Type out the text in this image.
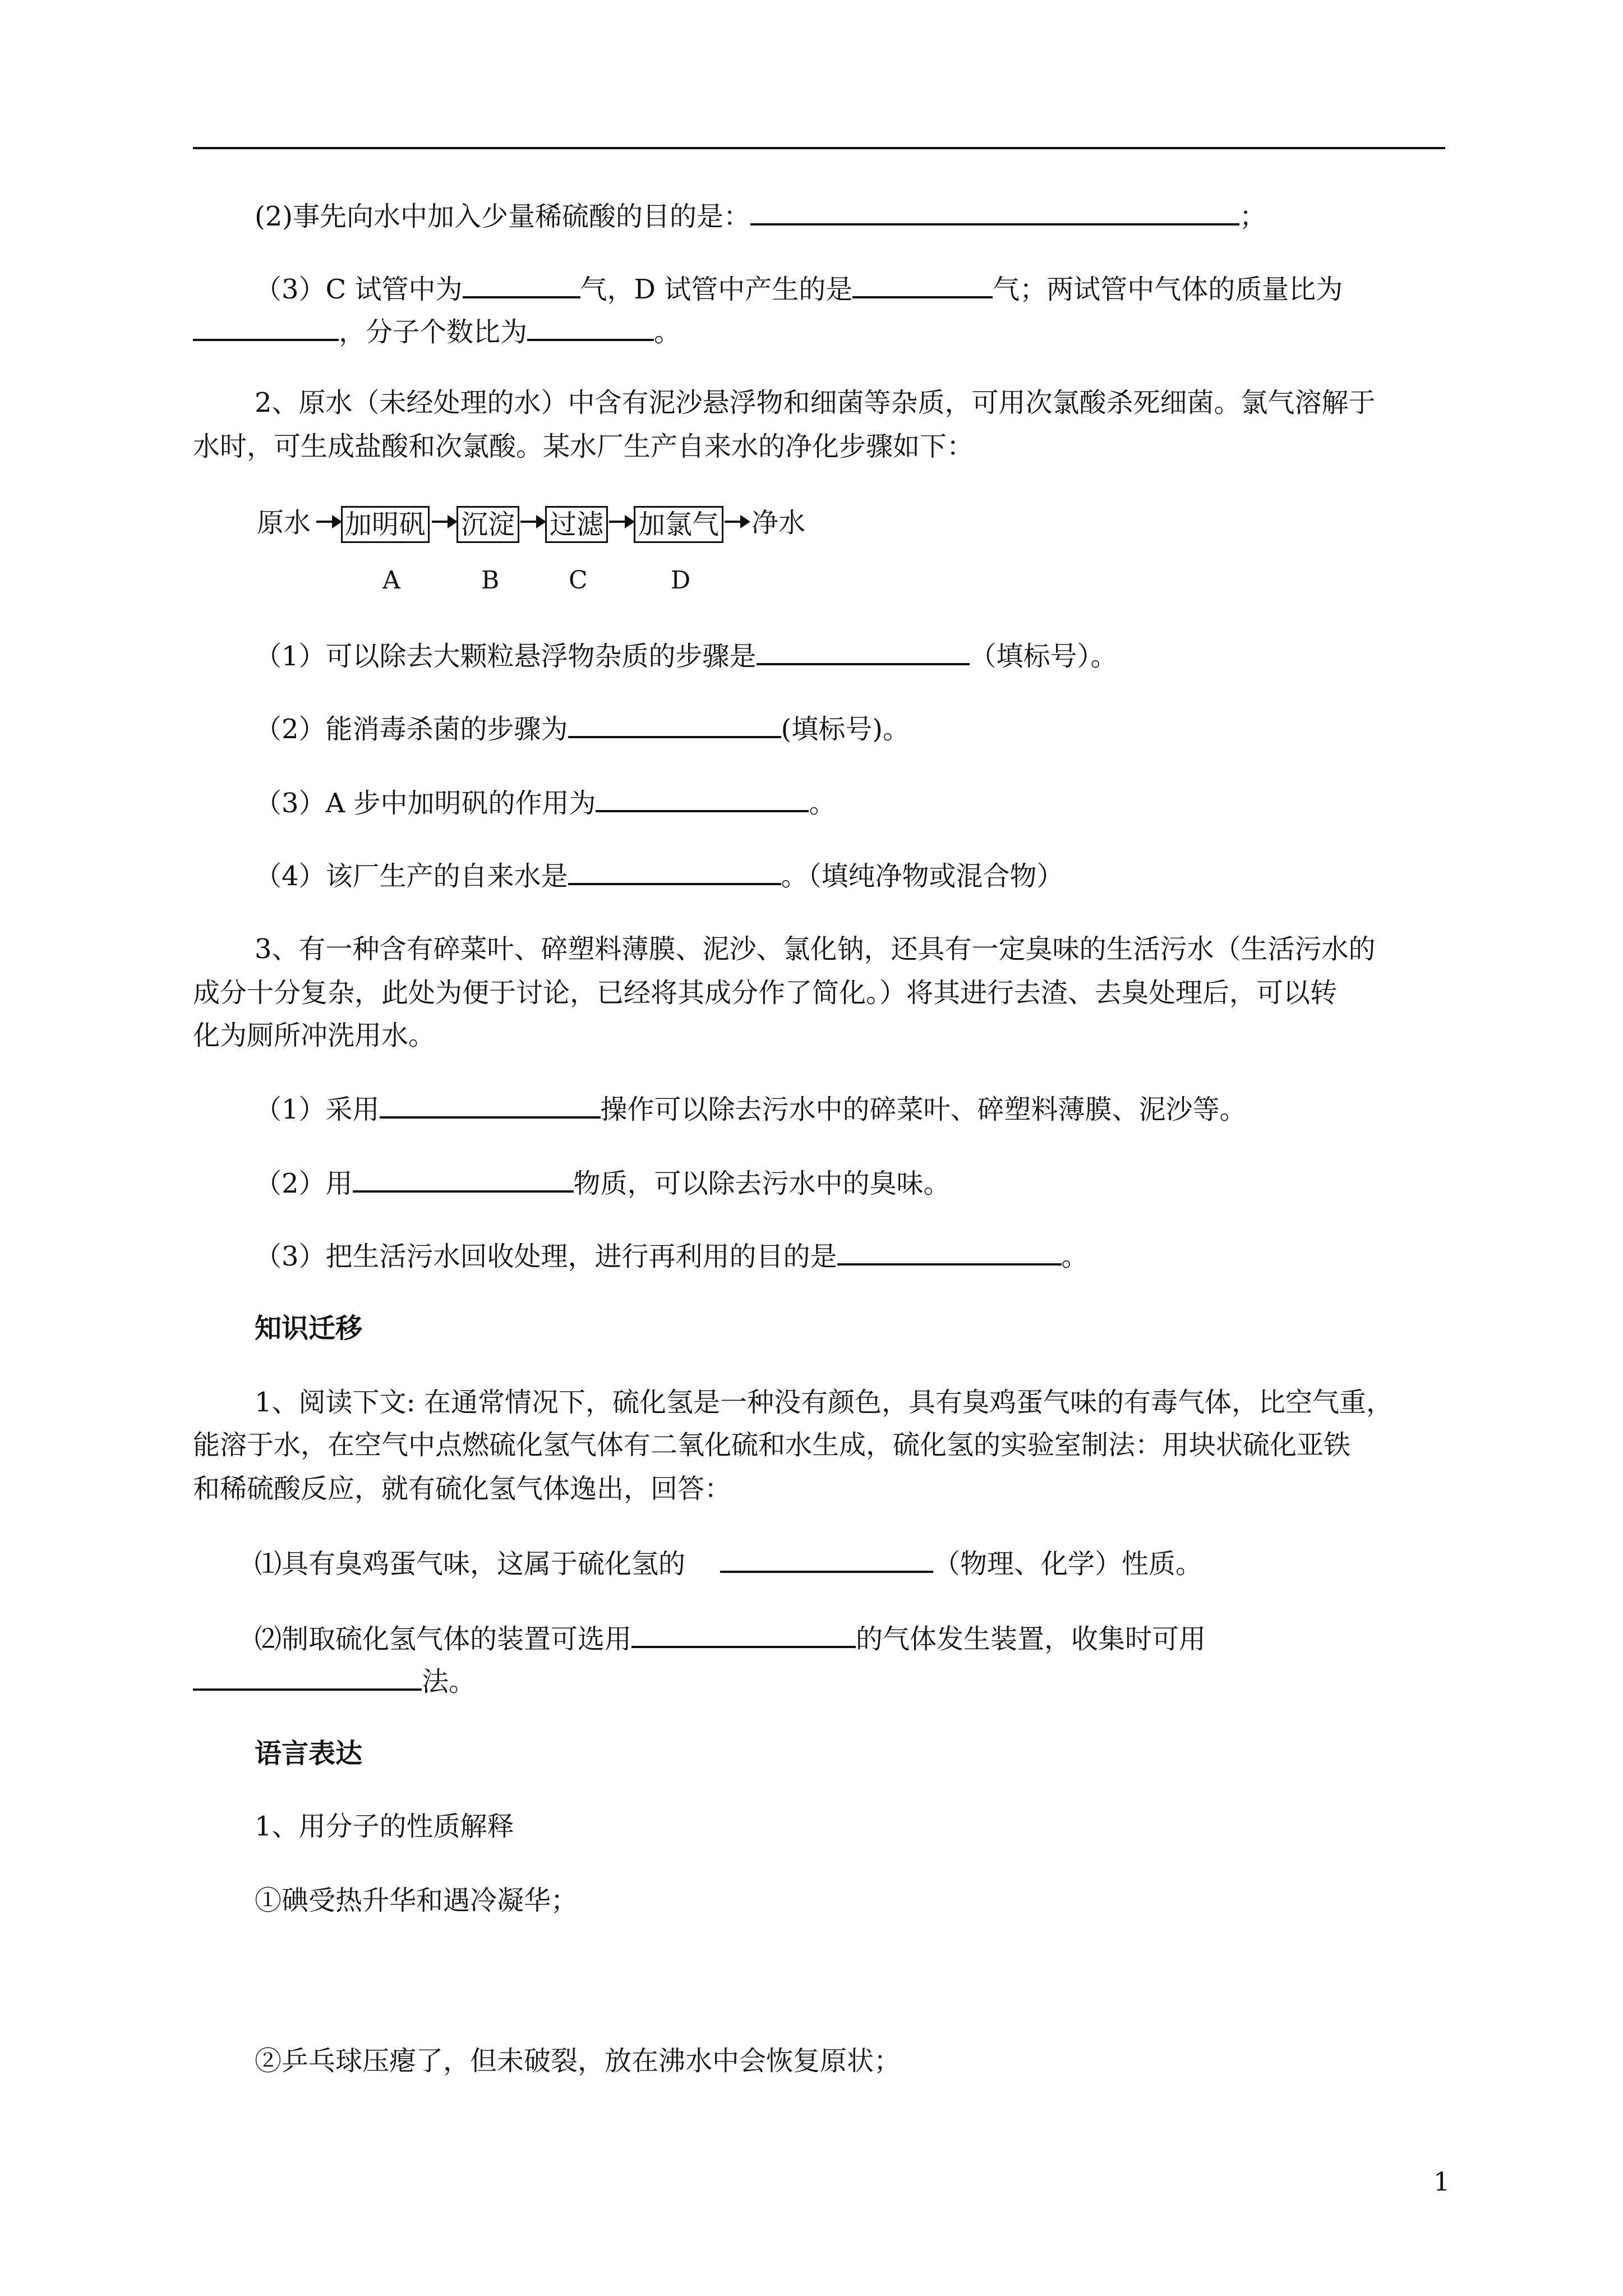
(2)事先向水中加入少量稀硫酸的目的是：	；
（3）C 试管中为	气，D 试管中产生的是	气；两试管中气体的质量比为
，分子个数比为	。
2、原水（未经处理的水）中含有泥沙悬浮物和细菌等杂质，可用次氯酸杀死细菌。氯气溶解于
水时，可生成盐酸和次氯酸。某水厂生产自来水的净化步骤如下：
原水 加明矾 沉淀 过滤 加氯气 净水
A	B	C	D
（1）可以除去大颗粒悬浮物杂质的步骤是	（填标号）。
（2）能消毒杀菌的步骤为	(填标号)。
（3）A 步中加明矾的作用为	。
（4）该厂生产的自来水是	。（填纯净物或混合物）
3、有一种含有碎菜叶、碎塑料薄膜、泥沙、氯化钠，还具有一定臭味的生活污水（生活污水的
成分十分复杂，此处为便于讨论，已经将其成分作了简化。）将其进行去渣、去臭处理后，可以转
化为厕所冲洗用水。
（1）采用	操作可以除去污水中的碎菜叶、碎塑料薄膜、泥沙等。
（2）用	物质，可以除去污水中的臭味。
（3）把生活污水回收处理，进行再利用的目的是	。
知识迁移
1、阅读下文: 在通常情况下，硫化氢是一种没有颜色，具有臭鸡蛋气味的有毒气体，比空气重，
能溶于水，在空气中点燃硫化氢气体有二氧化硫和水生成，硫化氢的实验室制法：用块状硫化亚铁
和稀硫酸反应，就有硫化氢气体逸出，回答：
⑴具有臭鸡蛋气味，这属于硫化氢的	（物理、化学）性质。
⑵制取硫化氢气体的装置可选用	的气体发生装置，收集时可用
法。
语言表达
1、用分子的性质解释
①碘受热升华和遇冷凝华；
②乒乓球压瘪了，但未破裂，放在沸水中会恢复原状；
1
